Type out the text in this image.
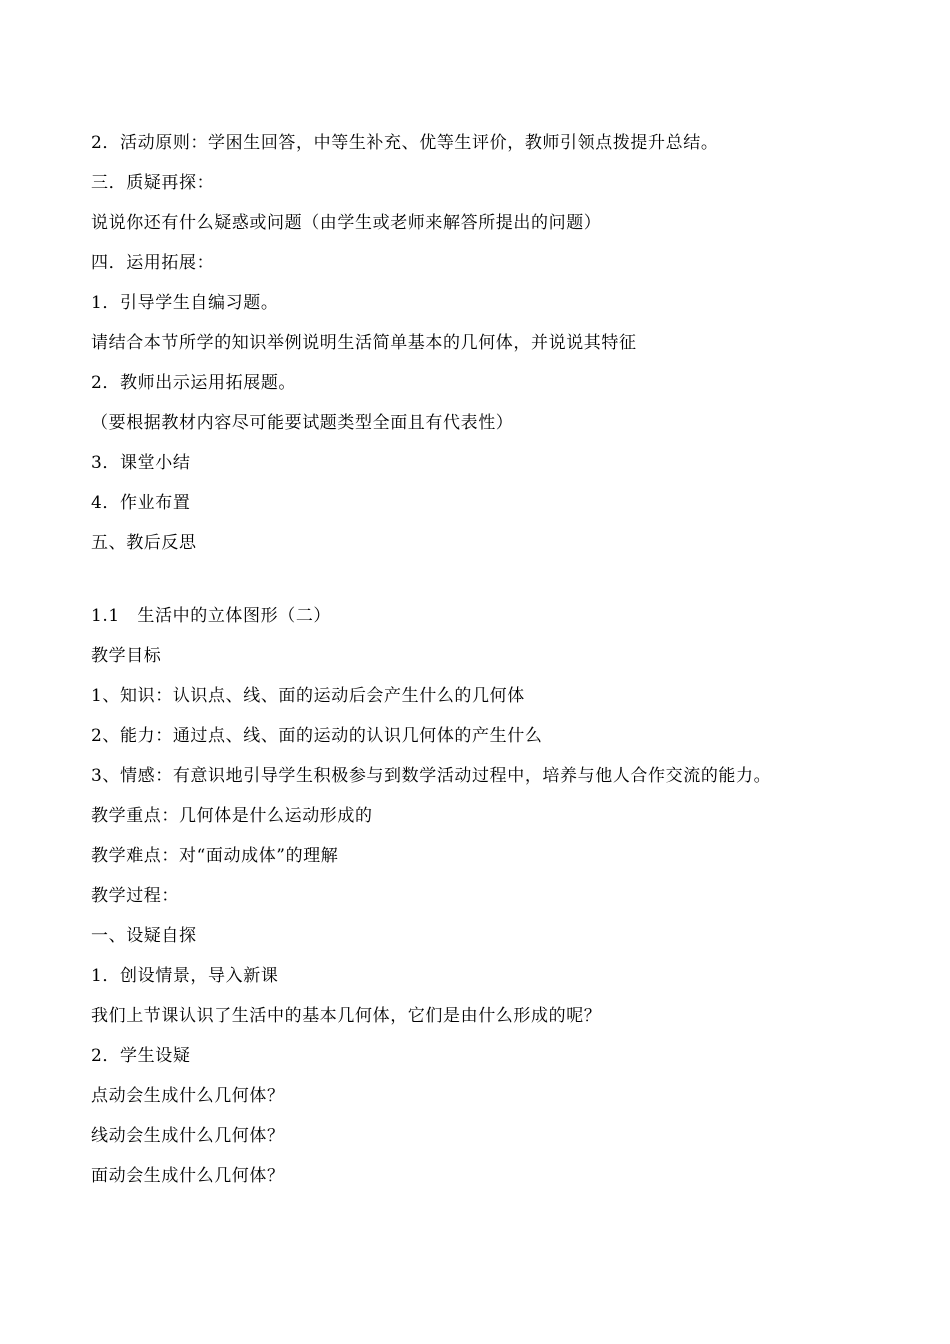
2．活动原则：学困生回答，中等生补充、优等生评价，教师引领点拨提升总结。
三．质疑再探：
说说你还有什么疑惑或问题（由学生或老师来解答所提出的问题）
四．运用拓展：
1．引导学生自编习题。
请结合本节所学的知识举例说明生活简单基本的几何体，并说说其特征
2．教师出示运用拓展题。
（要根据教材内容尽可能要试题类型全面且有代表性）
3．课堂小结
4．作业布置
五、教后反思
1.1　生活中的立体图形（二）
教学目标
1、知识：认识点、线、面的运动后会产生什么的几何体
2、能力：通过点、线、面的运动的认识几何体的产生什么
3、情感：有意识地引导学生积极参与到数学活动过程中，培养与他人合作交流的能力。
教学重点：几何体是什么运动形成的
教学难点：对“面动成体”的理解
教学过程：
一、设疑自探
1．创设情景，导入新课
我们上节课认识了生活中的基本几何体，它们是由什么形成的呢？
2．学生设疑
点动会生成什么几何体？
线动会生成什么几何体？
面动会生成什么几何体？
